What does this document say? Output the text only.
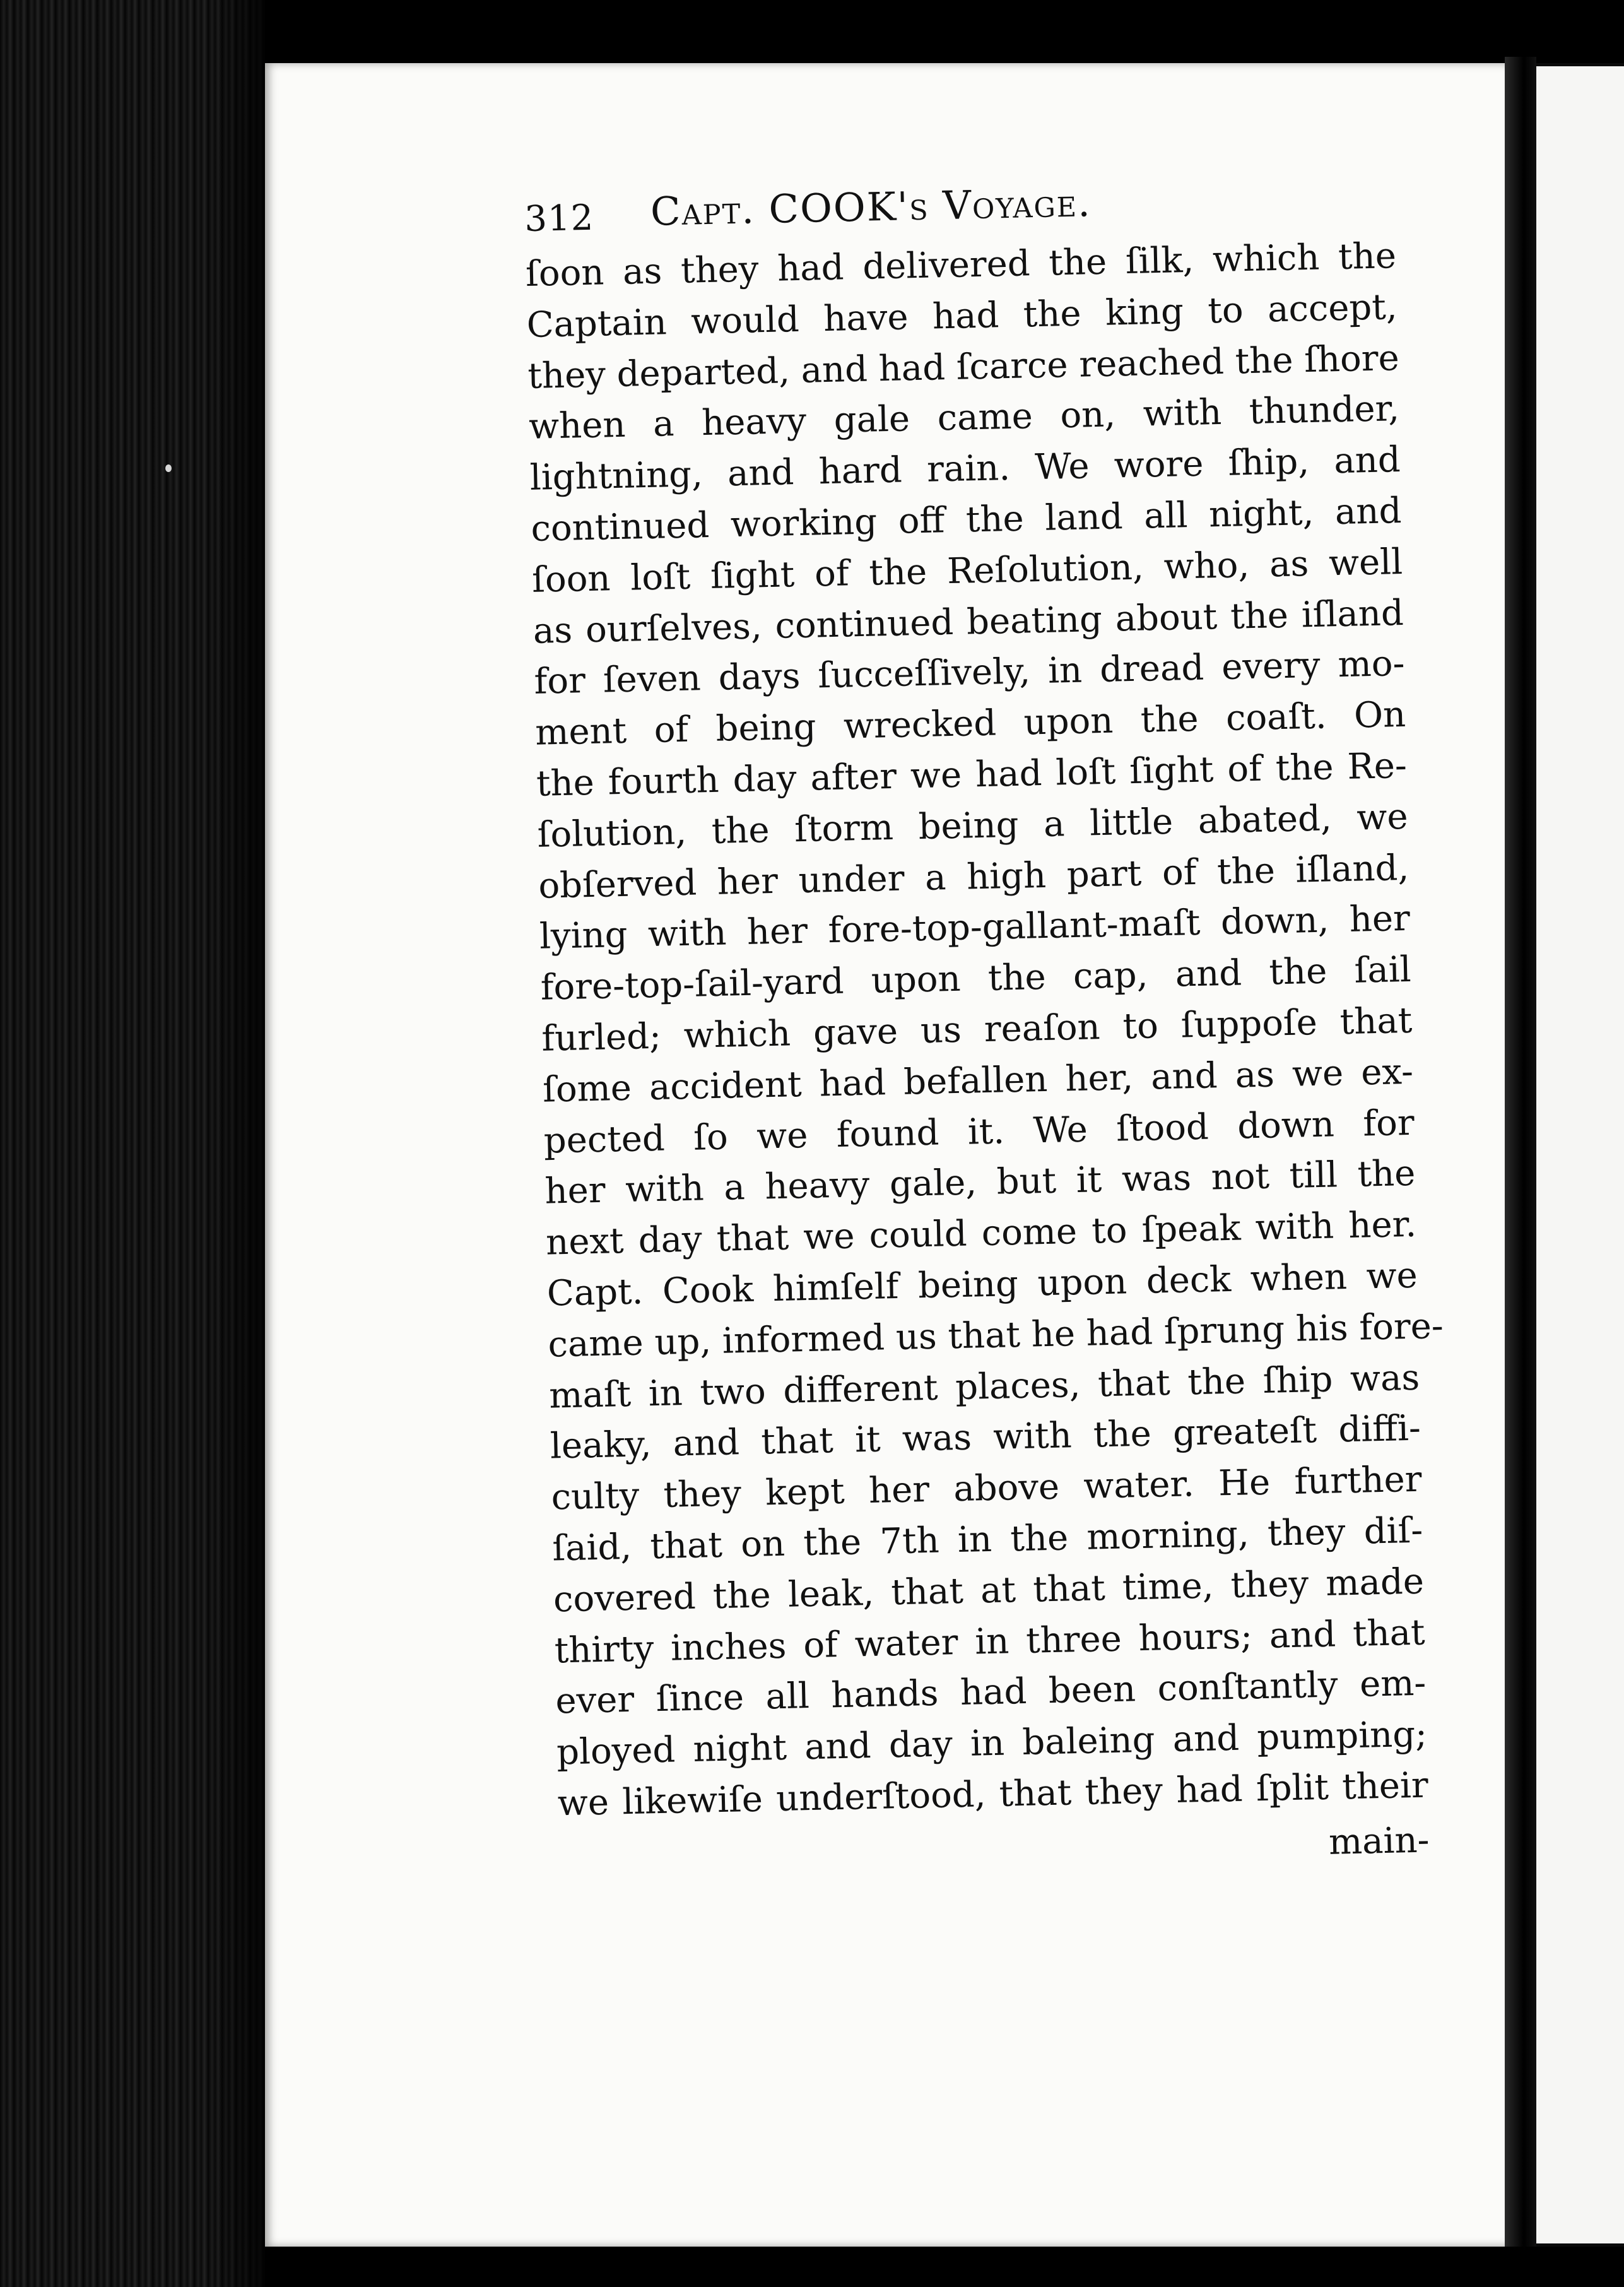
312 Capt. COOK's Voyage.
ſoon as they had delivered the ſilk, which the
Captain would have had the king to accept,
they departed, and had ſcarce reached the ſhore
when a heavy gale came on, with thunder,
lightning, and hard rain. We wore ſhip, and
continued working off the land all night, and
ſoon loſt ſight of the Reſolution, who, as well
as ourſelves, continued beating about the iſland
for ſeven days ſucceſſively, in dread every mo-
ment of being wrecked upon the coaſt. On
the fourth day after we had loſt ſight of the Re-
ſolution, the ſtorm being a little abated, we
obſerved her under a high part of the iſland,
lying with her fore-top-gallant-maſt down, her
fore-top-ſail-yard upon the cap, and the ſail
furled; which gave us reaſon to ſuppoſe that
ſome accident had befallen her, and as we ex-
pected ſo we found it. We ſtood down for
her with a heavy gale, but it was not till the
next day that we could come to ſpeak with her.
Capt. Cook himſelf being upon deck when we
came up, informed us that he had ſprung his fore-
maſt in two different places, that the ſhip was
leaky, and that it was with the greateſt diffi-
culty they kept her above water. He further
ſaid, that on the 7th in the morning, they diſ-
covered the leak, that at that time, they made
thirty inches of water in three hours; and that
ever ſince all hands had been conſtantly em-
ployed night and day in baleing and pumping;
we likewiſe underſtood, that they had ſplit their
main-
